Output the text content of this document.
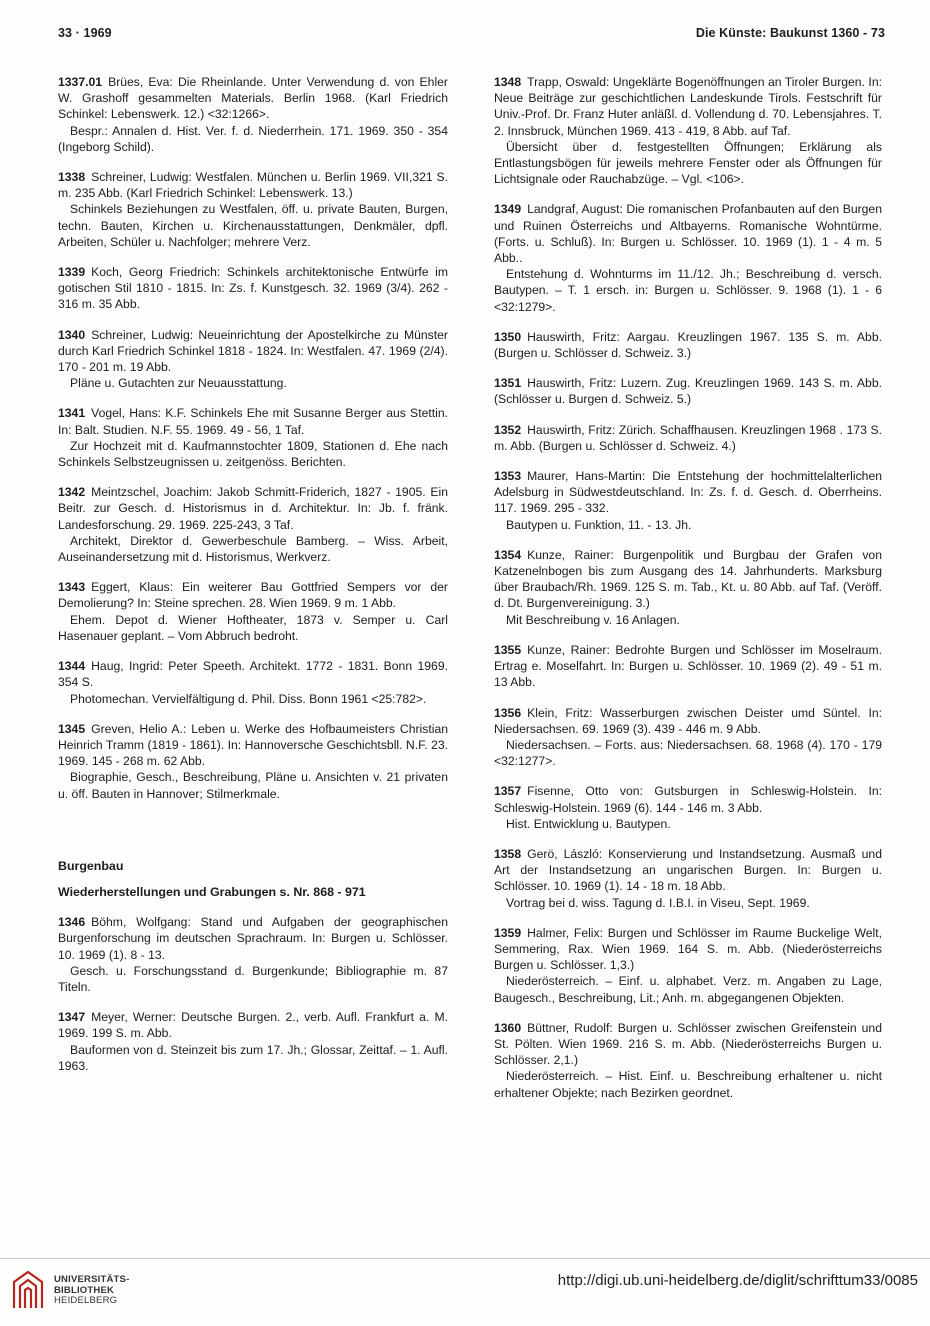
33 · 1969	Die Künste: Baukunst 1360 - 73

1337.01 Brües, Eva: Die Rheinlande. Unter Verwendung d. von Ehler W. Grashoff gesammelten Materials. Berlin 1968. (Karl Friedrich Schinkel: Lebenswerk. 12.) <32:1266>.

Bespr.: Annalen d. Hist. Ver. f. d. Niederrhein. 171. 1969. 350 - 354 (Ingeborg Schild).

1338 Schreiner, Ludwig: Westfalen. München u. Berlin 1969. VII,321 S. m. 235 Abb. (Karl Friedrich Schinkel: Lebenswerk. 13.)

Schinkels Beziehungen zu Westfalen, öff. u. private Bauten, Burgen, techn. Bauten, Kirchen u. Kirchenausstattungen, Denkmäler, dpfl. Arbeiten, Schüler u. Nachfolger; mehrere Verz.

1339 Koch, Georg Friedrich: Schinkels architektonische Entwürfe im gotischen Stil 1810 - 1815. In: Zs. f. Kunstgesch. 32. 1969 (3/4). 262 - 316 m. 35 Abb.

1340 Schreiner, Ludwig: Neueinrichtung der Apostelkirche zu Münster durch Karl Friedrich Schinkel 1818 - 1824. In: Westfalen. 47. 1969 (2/4). 170 - 201 m. 19 Abb.

Pläne u. Gutachten zur Neuausstattung.

1341 Vogel, Hans: K.F. Schinkels Ehe mit Susanne Berger aus Stettin. In: Balt. Studien. N.F. 55. 1969. 49 - 56, 1 Taf.

Zur Hochzeit mit d. Kaufmannstochter 1809, Stationen d. Ehe nach Schinkels Selbstzeugnissen u. zeitgenöss. Berichten.

1342 Meintzschel, Joachim: Jakob Schmitt-Friderich, 1827 - 1905. Ein Beitr. zur Gesch. d. Historismus in d. Architektur. In: Jb. f. fränk. Landesforschung. 29. 1969. 225-243, 3 Taf.

Architekt, Direktor d. Gewerbeschule Bamberg. – Wiss. Arbeit, Auseinandersetzung mit d. Historismus, Werkverz.

1343 Eggert, Klaus: Ein weiterer Bau Gottfried Sempers vor der Demolierung? In: Steine sprechen. 28. Wien 1969. 9 m. 1 Abb.

Ehem. Depot d. Wiener Hoftheater, 1873 v. Semper u. Carl Hasenauer geplant. – Vom Abbruch bedroht.

1344 Haug, Ingrid: Peter Speeth. Architekt. 1772 - 1831. Bonn 1969. 354 S.

Photomechan. Vervielfältigung d. Phil. Diss. Bonn 1961 <25:782>.

1345 Greven, Helio A.: Leben u. Werke des Hofbaumeisters Christian Heinrich Tramm (1819 - 1861). In: Hannoversche Geschichtsbll. N.F. 23. 1969. 145 - 268 m. 62 Abb.

Biographie, Gesch., Beschreibung, Pläne u. Ansichten v. 21 privaten u. öff. Bauten in Hannover; Stilmerkmale.

Burgenbau
Wiederherstellungen und Grabungen s. Nr. 868 - 971

1346 Böhm, Wolfgang: Stand und Aufgaben der geographischen Burgenforschung im deutschen Sprachraum. In: Burgen u. Schlösser. 10. 1969 (1). 8 - 13.

Gesch. u. Forschungsstand d. Burgenkunde; Bibliographie m. 87 Titeln.

1347 Meyer, Werner: Deutsche Burgen. 2., verb. Aufl. Frankfurt a. M. 1969. 199 S. m. Abb.

Bauformen von d. Steinzeit bis zum 17. Jh.; Glossar, Zeittaf. – 1. Aufl. 1963.

1348 Trapp, Oswald: Ungeklärte Bogenöffnungen an Tiroler Burgen. In: Neue Beiträge zur geschichtlichen Landeskunde Tirols. Festschrift für Univ.-Prof. Dr. Franz Huter anläßl. d. Vollendung d. 70. Lebensjahres. T. 2. Innsbruck, München 1969. 413 - 419, 8 Abb. auf Taf.

Übersicht über d. festgestellten Öffnungen; Erklärung als Entlastungsbögen für jeweils mehrere Fenster oder als Öffnungen für Lichtsignale oder Rauchabzüge. – Vgl. <106>.

1349 Landgraf, August: Die romanischen Profanbauten auf den Burgen und Ruinen Österreichs und Altbayerns. Romanische Wohntürme. (Forts. u. Schluß). In: Burgen u. Schlösser. 10. 1969 (1). 1 - 4 m. 5 Abb..

Entstehung d. Wohnturms im 11./12. Jh.; Beschreibung d. versch. Bautypen. – T. 1 ersch. in: Burgen u. Schlösser. 9. 1968 (1). 1 - 6 <32:1279>.

1350 Hauswirth, Fritz: Aargau. Kreuzlingen 1967. 135 S. m. Abb. (Burgen u. Schlösser d. Schweiz. 3.)

1351 Hauswirth, Fritz: Luzern. Zug. Kreuzlingen 1969. 143 S. m. Abb. (Schlösser u. Burgen d. Schweiz. 5.)

1352 Hauswirth, Fritz: Zürich. Schaffhausen. Kreuzlingen 1968 . 173 S. m. Abb. (Burgen u. Schlösser d. Schweiz. 4.)

1353 Maurer, Hans-Martin: Die Entstehung der hochmittelalterlichen Adelsburg in Südwestdeutschland. In: Zs. f. d. Gesch. d. Oberrheins. 117. 1969. 295 - 332.

Bautypen u. Funktion, 11. - 13. Jh.

1354 Kunze, Rainer: Burgenpolitik und Burgbau der Grafen von Katzenelnbogen bis zum Ausgang des 14. Jahrhunderts. Marksburg über Braubach/Rh. 1969. 125 S. m. Tab., Kt. u. 80 Abb. auf Taf. (Veröff. d. Dt. Burgenvereinigung. 3.)

Mit Beschreibung v. 16 Anlagen.

1355 Kunze, Rainer: Bedrohte Burgen und Schlösser im Moselraum. Ertrag e. Moselfahrt. In: Burgen u. Schlösser. 10. 1969 (2). 49 - 51 m. 13 Abb.

1356 Klein, Fritz: Wasserburgen zwischen Deister umd Süntel. In: Niedersachsen. 69. 1969 (3). 439 - 446 m. 9 Abb.

Niedersachsen. – Forts. aus: Niedersachsen. 68. 1968 (4). 170 - 179 <32:1277>.

1357 Fisenne, Otto von: Gutsburgen in Schleswig-Holstein. In: Schleswig-Holstein. 1969 (6). 144 - 146 m. 3 Abb.

Hist. Entwicklung u. Bautypen.

1358 Gerö, László: Konservierung und Instandsetzung. Ausmaß und Art der Instandsetzung an ungarischen Burgen. In: Burgen u. Schlösser. 10. 1969 (1). 14 - 18 m. 18 Abb.

Vortrag bei d. wiss. Tagung d. I.B.I. in Viseu, Sept. 1969.

1359 Halmer, Felix: Burgen und Schlösser im Raume Buckelige Welt, Semmering, Rax. Wien 1969. 164 S. m. Abb. (Niederösterreichs Burgen u. Schlösser. 1,3.)

Niederösterreich. – Einf. u. alphabet. Verz. m. Angaben zu Lage, Baugesch., Beschreibung, Lit.; Anh. m. abgegangenen Objekten.

1360 Büttner, Rudolf: Burgen u. Schlösser zwischen Greifenstein und St. Pölten. Wien 1969. 216 S. m. Abb. (Niederösterreichs Burgen u. Schlösser. 2,1.)

Niederösterreich. – Hist. Einf. u. Beschreibung erhaltener u. nicht erhaltener Objekte; nach Bezirken geordnet.

UNIVERSITÄTS-
BIBLIOTHEK
HEIDELBERG
http://digi.ub.uni-heidelberg.de/diglit/schrifttum33/0085
